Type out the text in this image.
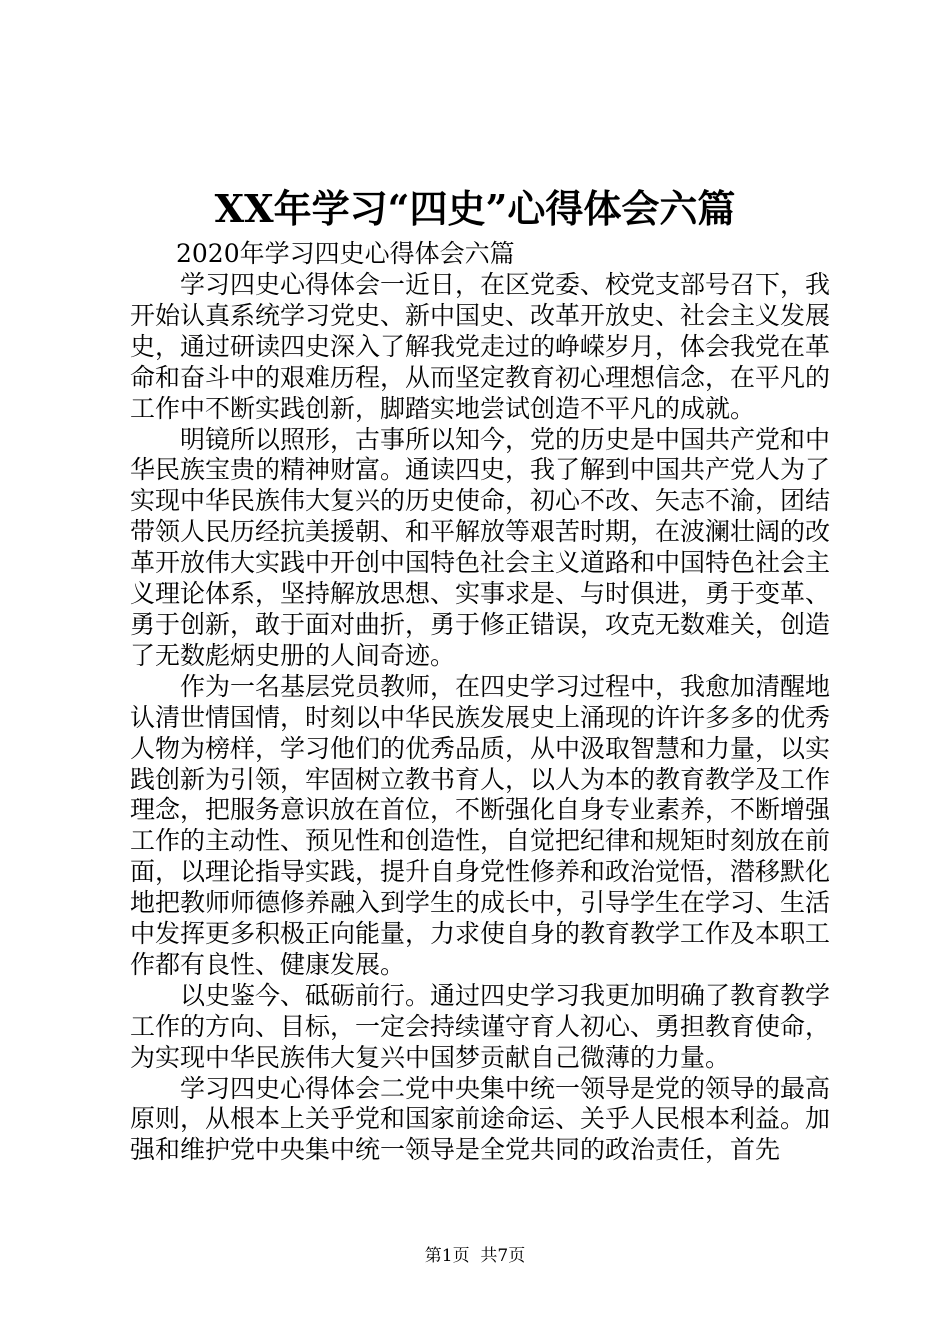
XX年学习“四史”心得体会六篇

2020年学习四史心得体会六篇

学习四史心得体会一近日，在区党委、校党支部号召下，我开始认真系统学习党史、新中国史、改革开放史、社会主义发展史，通过研读四史深入了解我党走过的峥嵘岁月，体会我党在革命和奋斗中的艰难历程，从而坚定教育初心理想信念，在平凡的工作中不断实践创新，脚踏实地尝试创造不平凡的成就。

明镜所以照形，古事所以知今，党的历史是中国共产党和中华民族宝贵的精神财富。通读四史，我了解到中国共产党人为了实现中华民族伟大复兴的历史使命，初心不改、矢志不渝，团结带领人民历经抗美援朝、和平解放等艰苦时期，在波澜壮阔的改革开放伟大实践中开创中国特色社会主义道路和中国特色社会主义理论体系，坚持解放思想、实事求是、与时俱进，勇于变革、勇于创新，敢于面对曲折，勇于修正错误，攻克无数难关，创造了无数彪炳史册的人间奇迹。

作为一名基层党员教师，在四史学习过程中，我愈加清醒地认清世情国情，时刻以中华民族发展史上涌现的许许多多的优秀人物为榜样，学习他们的优秀品质，从中汲取智慧和力量，以实践创新为引领，牢固树立教书育人，以人为本的教育教学及工作理念，把服务意识放在首位，不断强化自身专业素养，不断增强工作的主动性、预见性和创造性，自觉把纪律和规矩时刻放在前面，以理论指导实践，提升自身党性修养和政治觉悟，潜移默化地把教师师德修养融入到学生的成长中，引导学生在学习、生活中发挥更多积极正向能量，力求使自身的教育教学工作及本职工作都有良性、健康发展。

以史鉴今、砥砺前行。通过四史学习我更加明确了教育教学工作的方向、目标，一定会持续谨守育人初心、勇担教育使命，为实现中华民族伟大复兴中国梦贡献自己微薄的力量。

学习四史心得体会二党中央集中统一领导是党的领导的最高原则，从根本上关乎党和国家前途命运、关乎人民根本利益。加强和维护党中央集中统一领导是全党共同的政治责任，首先

第1页 共7页
